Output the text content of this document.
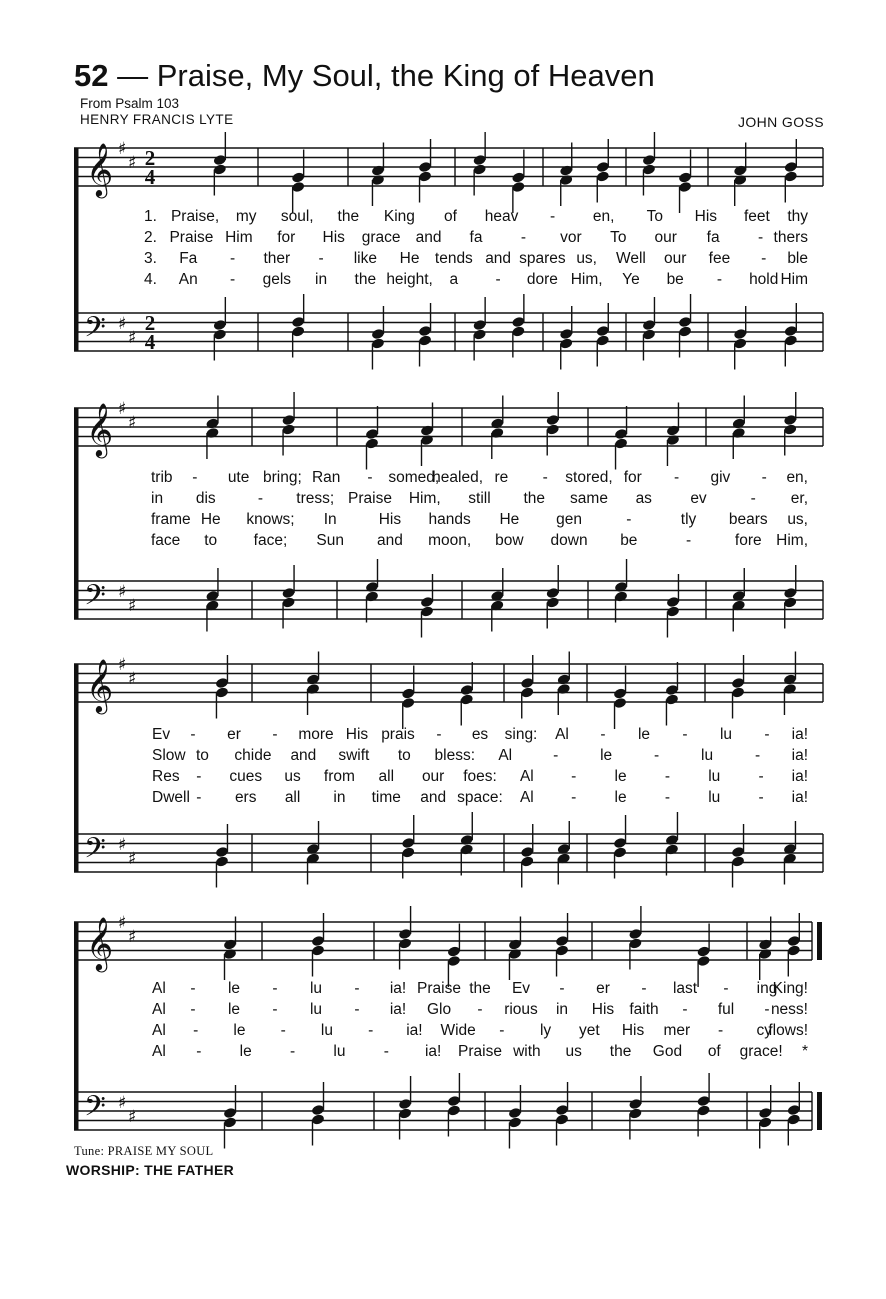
52 — Praise, My Soul, the King of Heaven
From Psalm 103
HENRY FRANCIS LYTE	JOHN GOSS
𝄞
𝄢
♯
♯
♯
♯
2
4
2
4
1. Praise, my soul, the King of heav - en, To His feet thy
2. Praise Him for His grace and fa - vor To our fa - thers
3. Fa - ther - like He tends and spares us, Well our fee - ble
4. An - gels in the height, a - dore Him, Ye be - hold Him
𝄞
𝄢
♯
♯
♯
♯
trib - ute bring; Ran - somed,
healed, re - stored, for - giv - en,
in dis	- tress; Praise Him, still the same as ev	- er,
frame He knows; In	His hands He gen	-	tly bears us,
face to face; Sun and moon, bow down be	-	fore Him,
𝄞
𝄢
♯
♯
♯
♯
Ev - er - more His prais - es sing: Al - le - lu - ia!
Slow to chide and swift to bless: Al	-	le	-	lu	- ia!
Res - cues us from all our foes: Al - le - lu - ia!
Dwell - ers all in time and space: Al - le - lu - ia!
𝄞
𝄢
♯
♯
♯
♯
Al - le - lu - ia! Praise the Ev - er - last - ing
King!
Al - le - lu - ia! Glo - rious in His faith - ful - ness!
Al - le - lu - ia! Wide - ly yet His mer - cy
flows!
Al - le - lu - ia! Praise with us the God of grace! *
Tune: PRAISE MY SOUL
WORSHIP: THE FATHER
